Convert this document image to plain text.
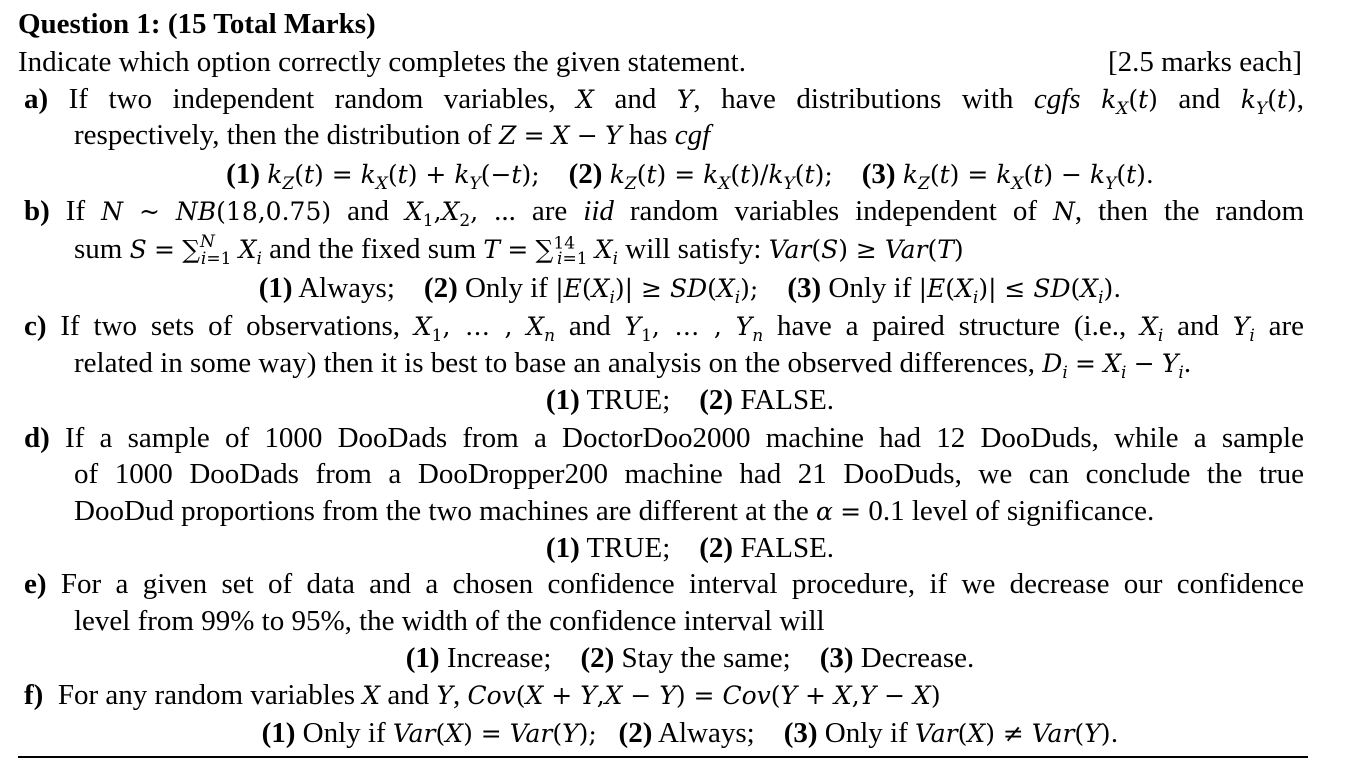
Question 1: (15 Total Marks)
Indicate which option correctly completes the given statement.	[2.5 marks each]
a) If two independent random variables, X and Y, have distributions with cgfs $k_X(t)$ and $k_Y(t)$,
respectively, then the distribution of Z = X − Y has cgf
(1) $k_Z(t) = k_X(t) + k_Y(-t)$; (2) $k_Z(t) = k_X(t)/k_Y(t)$; (3) $k_Z(t) = k_X(t) - k_Y(t)$.
b) If N ~ NB(18,0.75) and $X_1,X_2$, ... are iid random variables independent of N, then the random
sum S = ∑$^N_{i=1}$ $X_i$ and the fixed sum T = ∑$^{14}_{i=1}$ $X_i$ will satisfy: Var(S) ≥ Var(T)
(1) Always; (2) Only if $|E(X_i)| \ge SD(X_i)$; (3) Only if $|E(X_i)| \le SD(X_i)$.
c) If two sets of observations, $X_1$, … , $X_n$ and $Y_1$, … , $Y_n$ have a paired structure (i.e., $X_i$ and $Y_i$ are
related in some way) then it is best to base an analysis on the observed differences, $D_i = X_i - Y_i$.
(1) TRUE; (2) FALSE.
d) If a sample of 1000 DooDads from a DoctorDoo2000 machine had 12 DooDuds, while a sample
of 1000 DooDads from a DooDropper200 machine had 21 DooDuds, we can conclude the true
DooDud proportions from the two machines are different at the α = 0.1 level of significance.
(1) TRUE; (2) FALSE.
e) For a given set of data and a chosen confidence interval procedure, if we decrease our confidence
level from 99% to 95%, the width of the confidence interval will
(1) Increase; (2) Stay the same; (3) Decrease.
f)  For any random variables X and Y, Cov(X + Y,X − Y) = Cov(Y + X,Y − X)
(1) Only if Var(X) = Var(Y); (2) Always; (3) Only if Var(X) ≠ Var(Y).
